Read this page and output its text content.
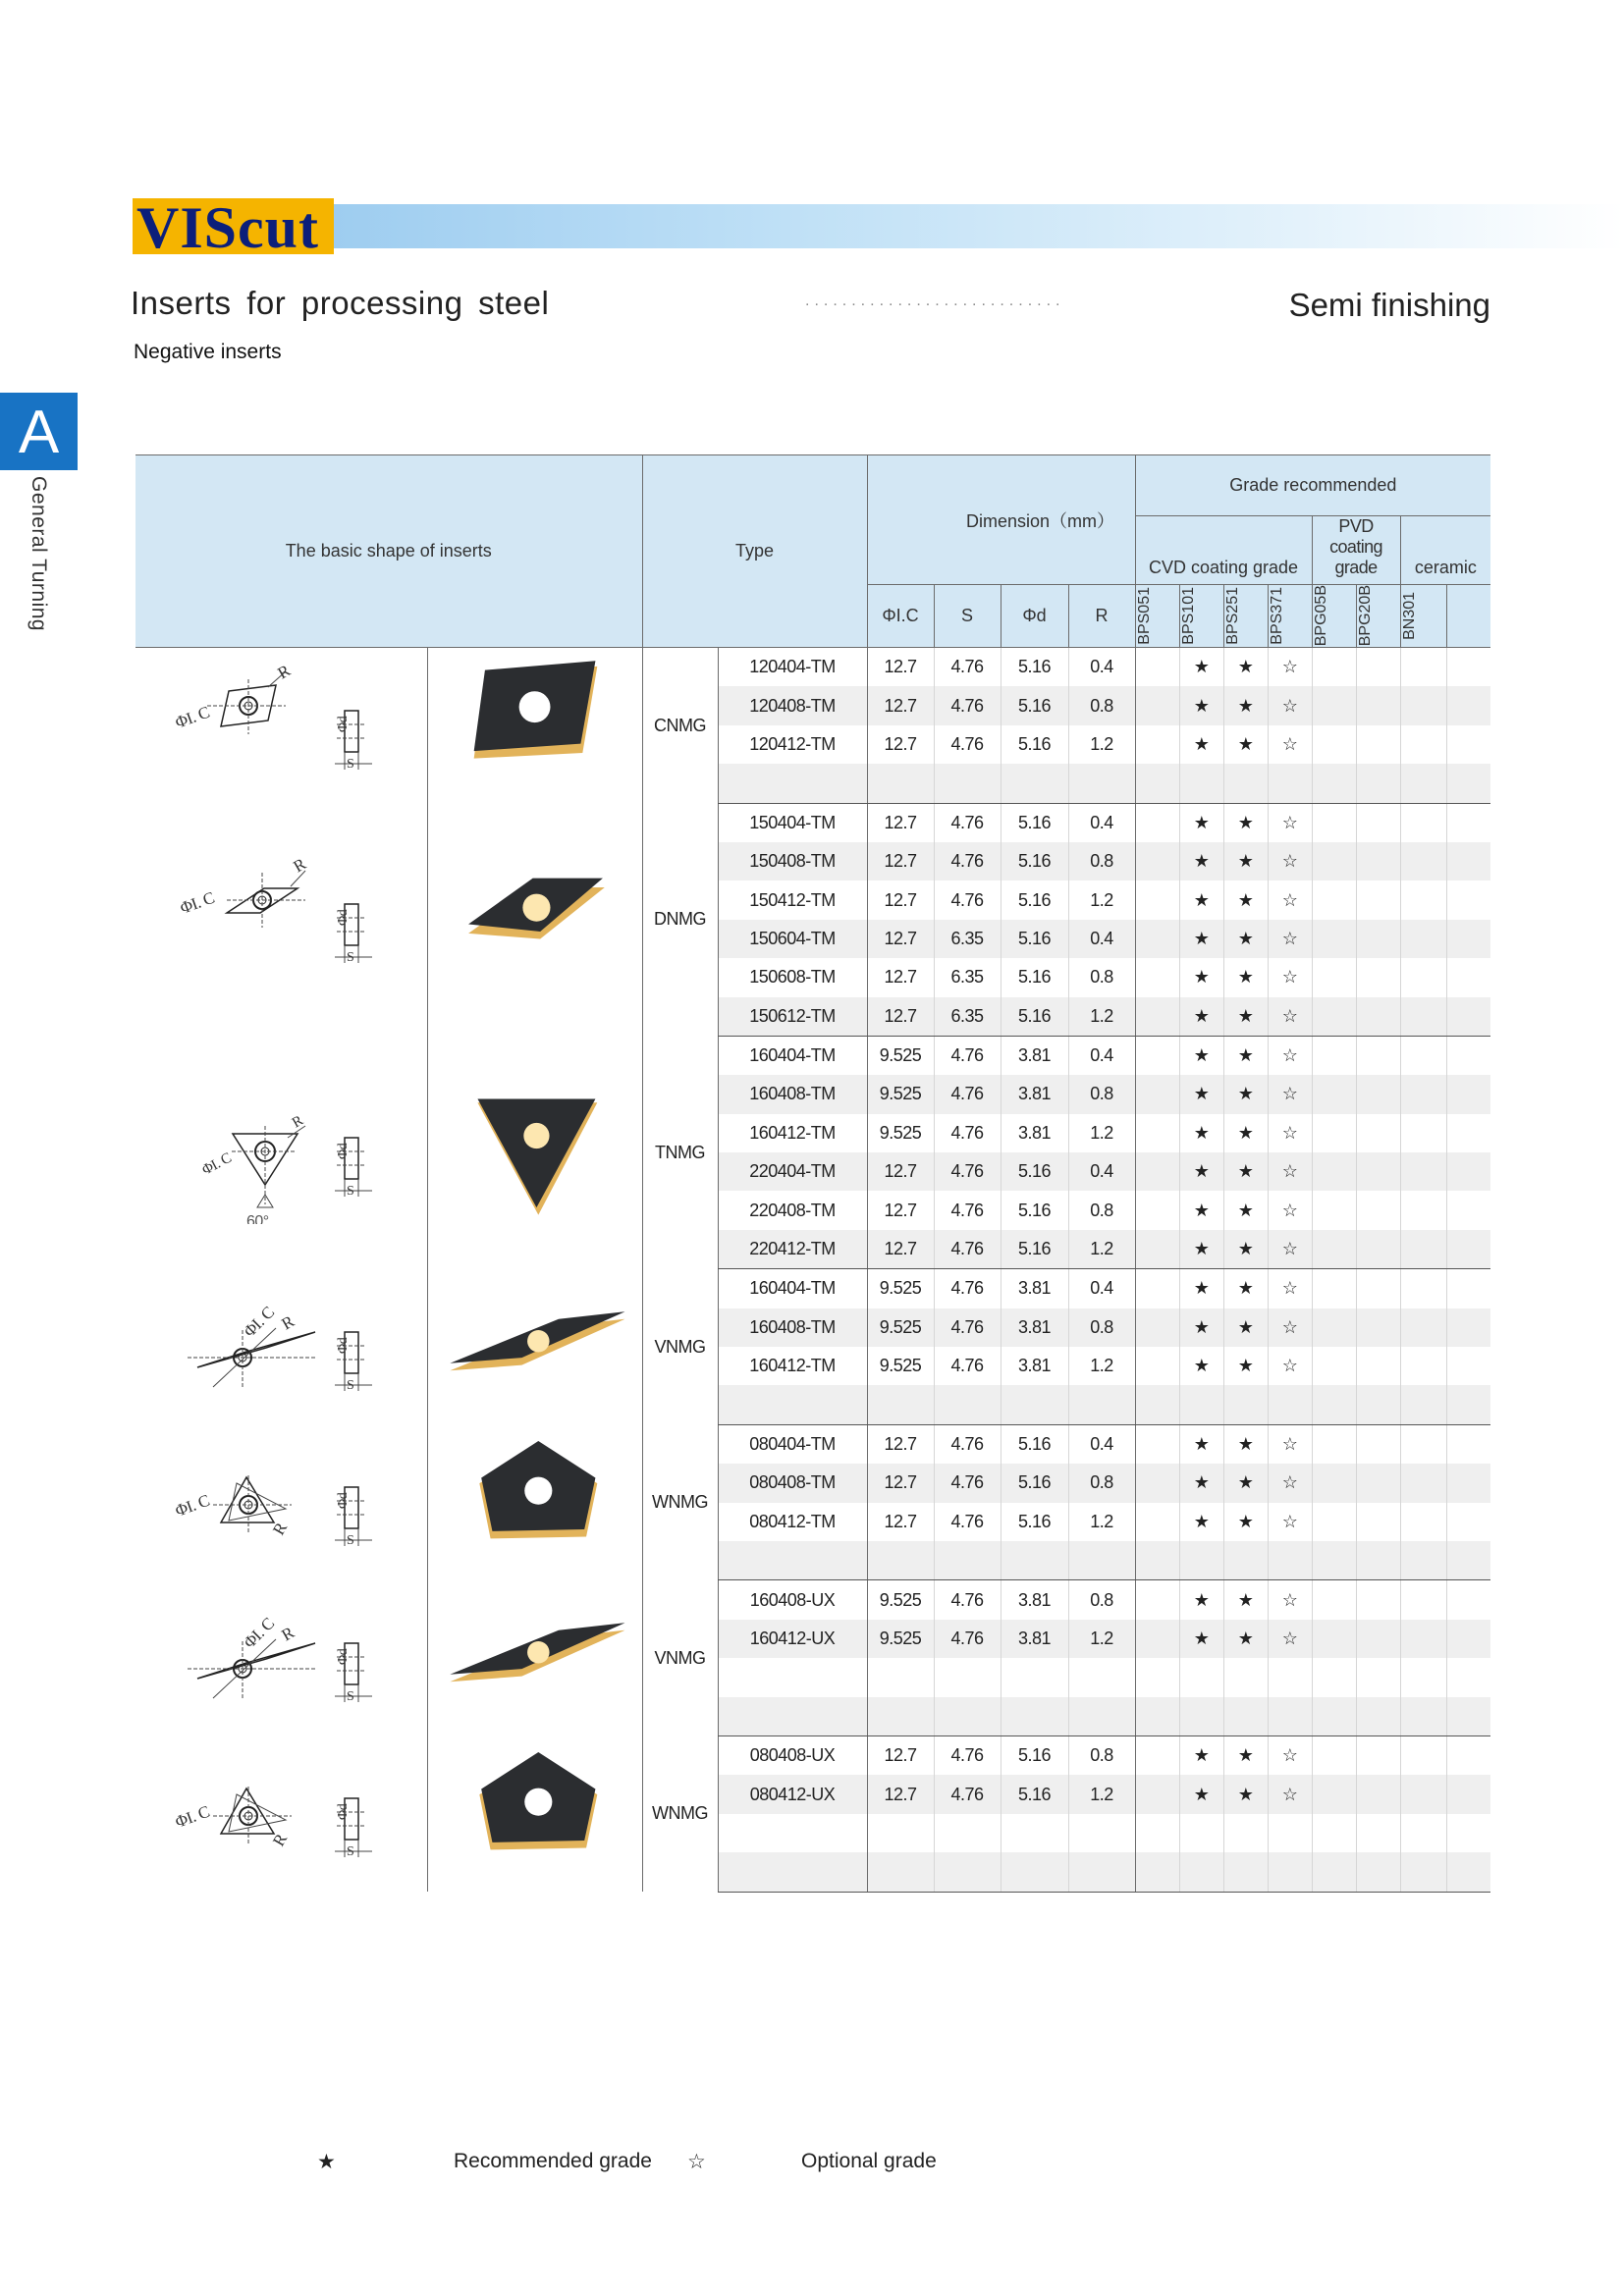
VIScut
Inserts for processing steel	............................	Semi finishing
Negative inserts
A
General Turning	The basic shape of inserts		Type		Dimension（mm）				Grade recommended							
								CVD coating grade				PVD coating grade		ceramic	
				ΦI.C	S	Φd	R	BPS051	BPS101	BPS251	BPS371	BPG05B	BPG20B	BN301	

ΦI. C
R
Φd
S		CNMG	120404-TM	12.7	4.76	5.16	0.4		★	★	☆				
			120408-TM	12.7	4.76	5.16	0.8		★	★	☆				
			120412-TM	12.7	4.76	5.16	1.2		★	★	☆				

ΦI. C
R
Φd
S		DNMG	150404-TM	12.7	4.76	5.16	0.4		★	★	☆				
			150408-TM	12.7	4.76	5.16	0.8		★	★	☆				
			150412-TM	12.7	4.76	5.16	1.2		★	★	☆				
			150604-TM	12.7	6.35	5.16	0.4		★	★	☆				
			150608-TM	12.7	6.35	5.16	0.8		★	★	☆				
			150612-TM	12.7	6.35	5.16	1.2		★	★	☆				

ΦI. C
R
60°
Φd
S		TNMG	160404-TM	9.525	4.76	3.81	0.4		★	★	☆				
			160408-TM	9.525	4.76	3.81	0.8		★	★	☆				
			160412-TM	9.525	4.76	3.81	1.2		★	★	☆				
			220404-TM	12.7	4.76	5.16	0.4		★	★	☆				
			220408-TM	12.7	4.76	5.16	0.8		★	★	☆				
			220412-TM	12.7	4.76	5.16	1.2		★	★	☆				

ΦI. C R
Φd
S		VNMG	160404-TM	9.525	4.76	3.81	0.4		★	★	☆				
			160408-TM	9.525	4.76	3.81	0.8		★	★	☆				
			160412-TM	9.525	4.76	3.81	1.2		★	★	☆				

ΦI. C
R
Φd
S		WNMG	080404-TM	12.7	4.76	5.16	0.4		★	★	☆				
			080408-TM	12.7	4.76	5.16	0.8		★	★	☆				
			080412-TM	12.7	4.76	5.16	1.2		★	★	☆				

ΦI. C R
Φd
S		VNMG	160408-UX	9.525	4.76	3.81	0.8		★	★	☆				
			160412-UX	9.525	4.76	3.81	1.2		★	★	☆				

ΦI. C
R
Φd
S		WNMG	080408-UX	12.7	4.76	5.16	0.8		★	★	☆				
			080412-UX	12.7	4.76	5.16	1.2		★	★	☆				

★	Recommended grade ☆	Optional grade
